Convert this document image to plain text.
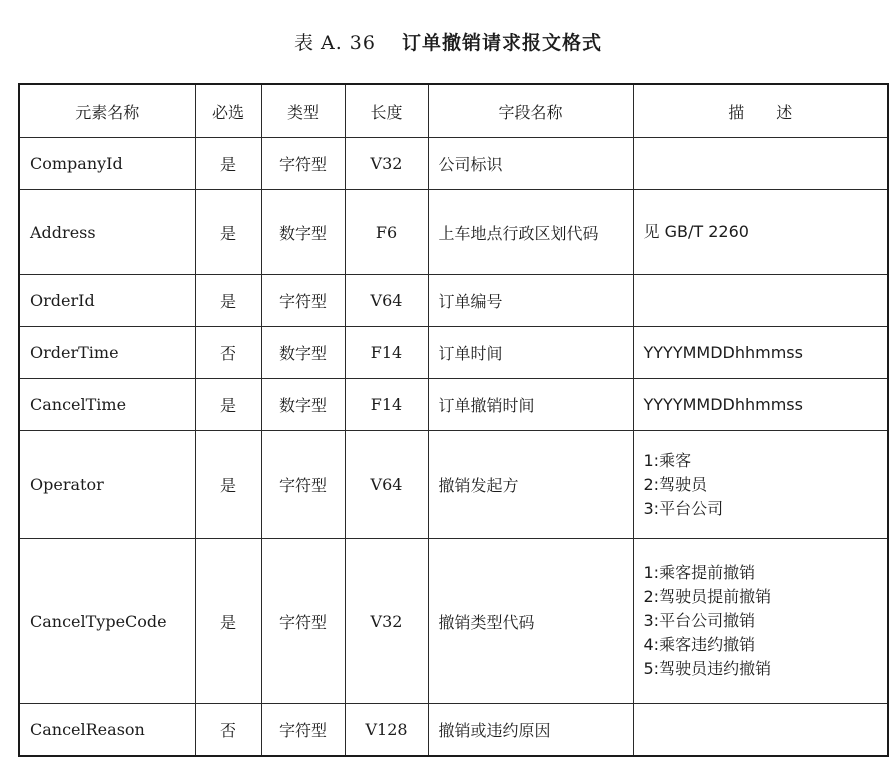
表 A. 36 订单撤销请求报文格式
元素名称	必选	类型	长度	字段名称	描　　述
CompanyId	是	字符型	V32	公司标识	
Address	是	数字型	F6	上车地点行政区划代码	见 GB/T 2260

OrderId	是	字符型	V64	订单编号	
OrderTime	否	数字型	F14	订单时间	YYYYMMDDhhmmss

CancelTime	是	数字型	F14	订单撤销时间	YYYYMMDDhhmmss

Operator	是	字符型	V64	撤销发起方	1:乘客
2:驾驶员
3:平台公司

CancelTypeCode	是	字符型	V32	撤销类型代码	1:乘客提前撤销
2:驾驶员提前撤销
3:平台公司撤销
4:乘客违约撤销
5:驾驶员违约撤销

CancelReason	否	字符型	V128	撤销或违约原因	
